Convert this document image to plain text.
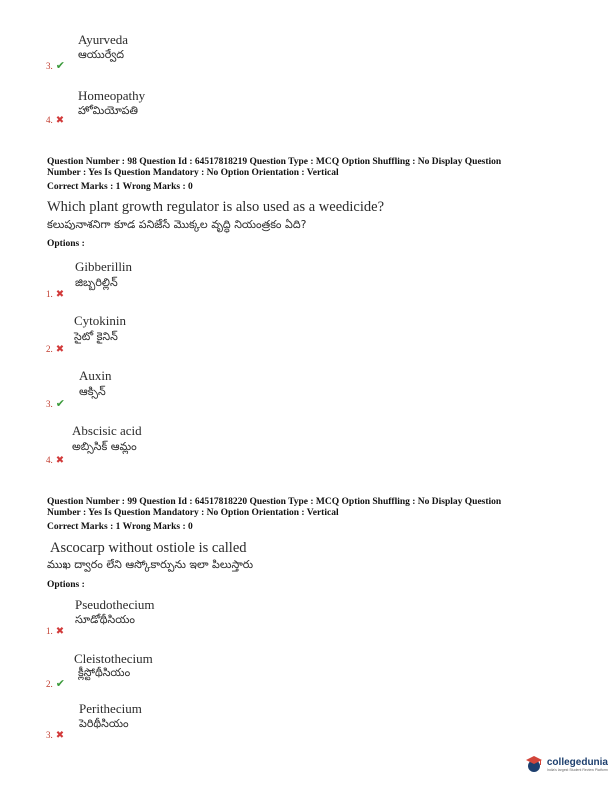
Ayurveda
ఆయుర్వేద
3. ✔
Homeopathy
హోమియోపతి
4. ✖
Question Number : 98 Question Id : 64517818219 Question Type : MCQ Option Shuffling : No Display Question
Number : Yes Is Question Mandatory : No Option Orientation : Vertical
Correct Marks : 1 Wrong Marks : 0
Which plant growth regulator is also used as a weedicide?
కలుపునాశనిగా కూడ పనిజేసే మొక్కల వృద్ధి నియంత్రకం ఏది?
Options :
Gibberillin
జిబ్బరిల్లిన్
1. ✖
Cytokinin
సైటో కైనిన్
2. ✖
Auxin
ఆక్సిన్
3. ✔
Abscisic acid
అబ్సిసిక్ ఆమ్లం
4. ✖
Question Number : 99 Question Id : 64517818220 Question Type : MCQ Option Shuffling : No Display Question
Number : Yes Is Question Mandatory : No Option Orientation : Vertical
Correct Marks : 1 Wrong Marks : 0
Ascocarp without ostiole is called
ముఖ ద్వారం లేని ఆస్కోకార్పును ఇలా పిలుస్తారు
Options :
Pseudothecium
సూడోథీసియం
1. ✖
Cleistothecium
క్లీస్టోథీసియం
2. ✔
Perithecium
పెరిథీసియం
3. ✖
collegedunia
India's largest Student Review Platform
